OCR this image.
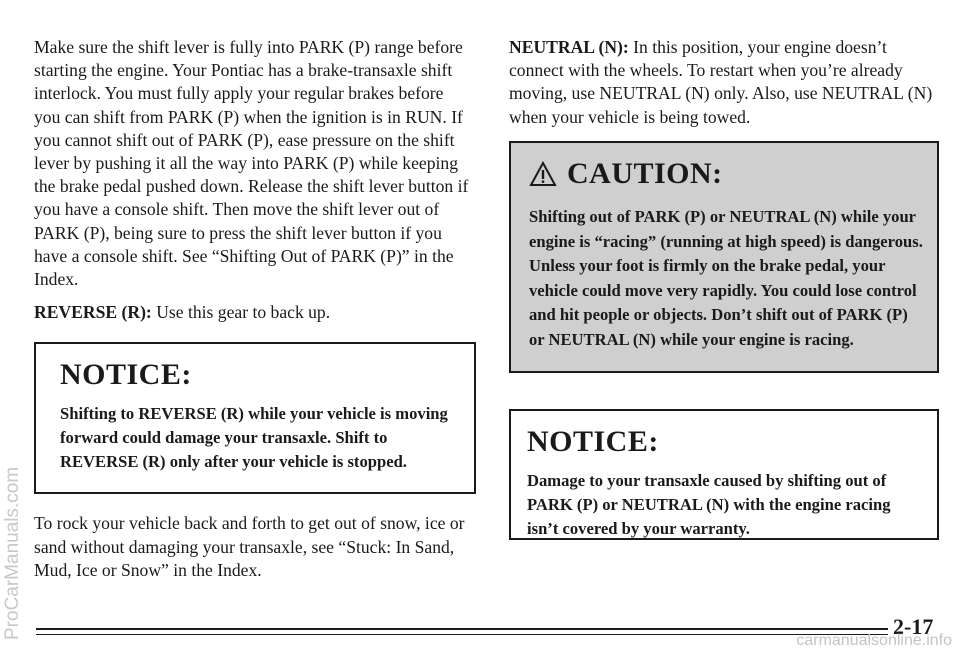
ProCarManuals.com

Make sure the shift lever is fully into PARK (P) range before starting the engine. Your Pontiac has a brake-transaxle shift interlock. You must fully apply your regular brakes before you can shift from PARK (P) when the ignition is in RUN. If you cannot shift out of PARK (P), ease pressure on the shift lever by pushing it all the way into PARK (P) while keeping the brake pedal pushed down. Release the shift lever button if you have a console shift. Then move the shift lever out of PARK (P), being sure to press the shift lever button if you have a console shift. See “Shifting Out of PARK (P)” in the Index.

REVERSE (R): Use this gear to back up.

NOTICE:
Shifting to REVERSE (R) while your vehicle is moving forward could damage your transaxle. Shift to REVERSE (R) only after your vehicle is stopped.

To rock your vehicle back and forth to get out of snow, ice or sand without damaging your transaxle, see “Stuck: In Sand, Mud, Ice or Snow” in the Index.

NEUTRAL (N): In this position, your engine doesn’t connect with the wheels. To restart when you’re already moving, use NEUTRAL (N) only. Also, use NEUTRAL (N) when your vehicle is being towed.

CAUTION:
Shifting out of PARK (P) or NEUTRAL (N) while your engine is “racing” (running at high speed) is dangerous. Unless your foot is firmly on the brake pedal, your vehicle could move very rapidly. You could lose control and hit people or objects. Don’t shift out of PARK (P) or NEUTRAL (N) while your engine is racing.
NOTICE:
Damage to your transaxle caused by shifting out of PARK (P) or NEUTRAL (N) with the engine racing isn’t covered by your warranty.
2-17
carmanualsonline.info
